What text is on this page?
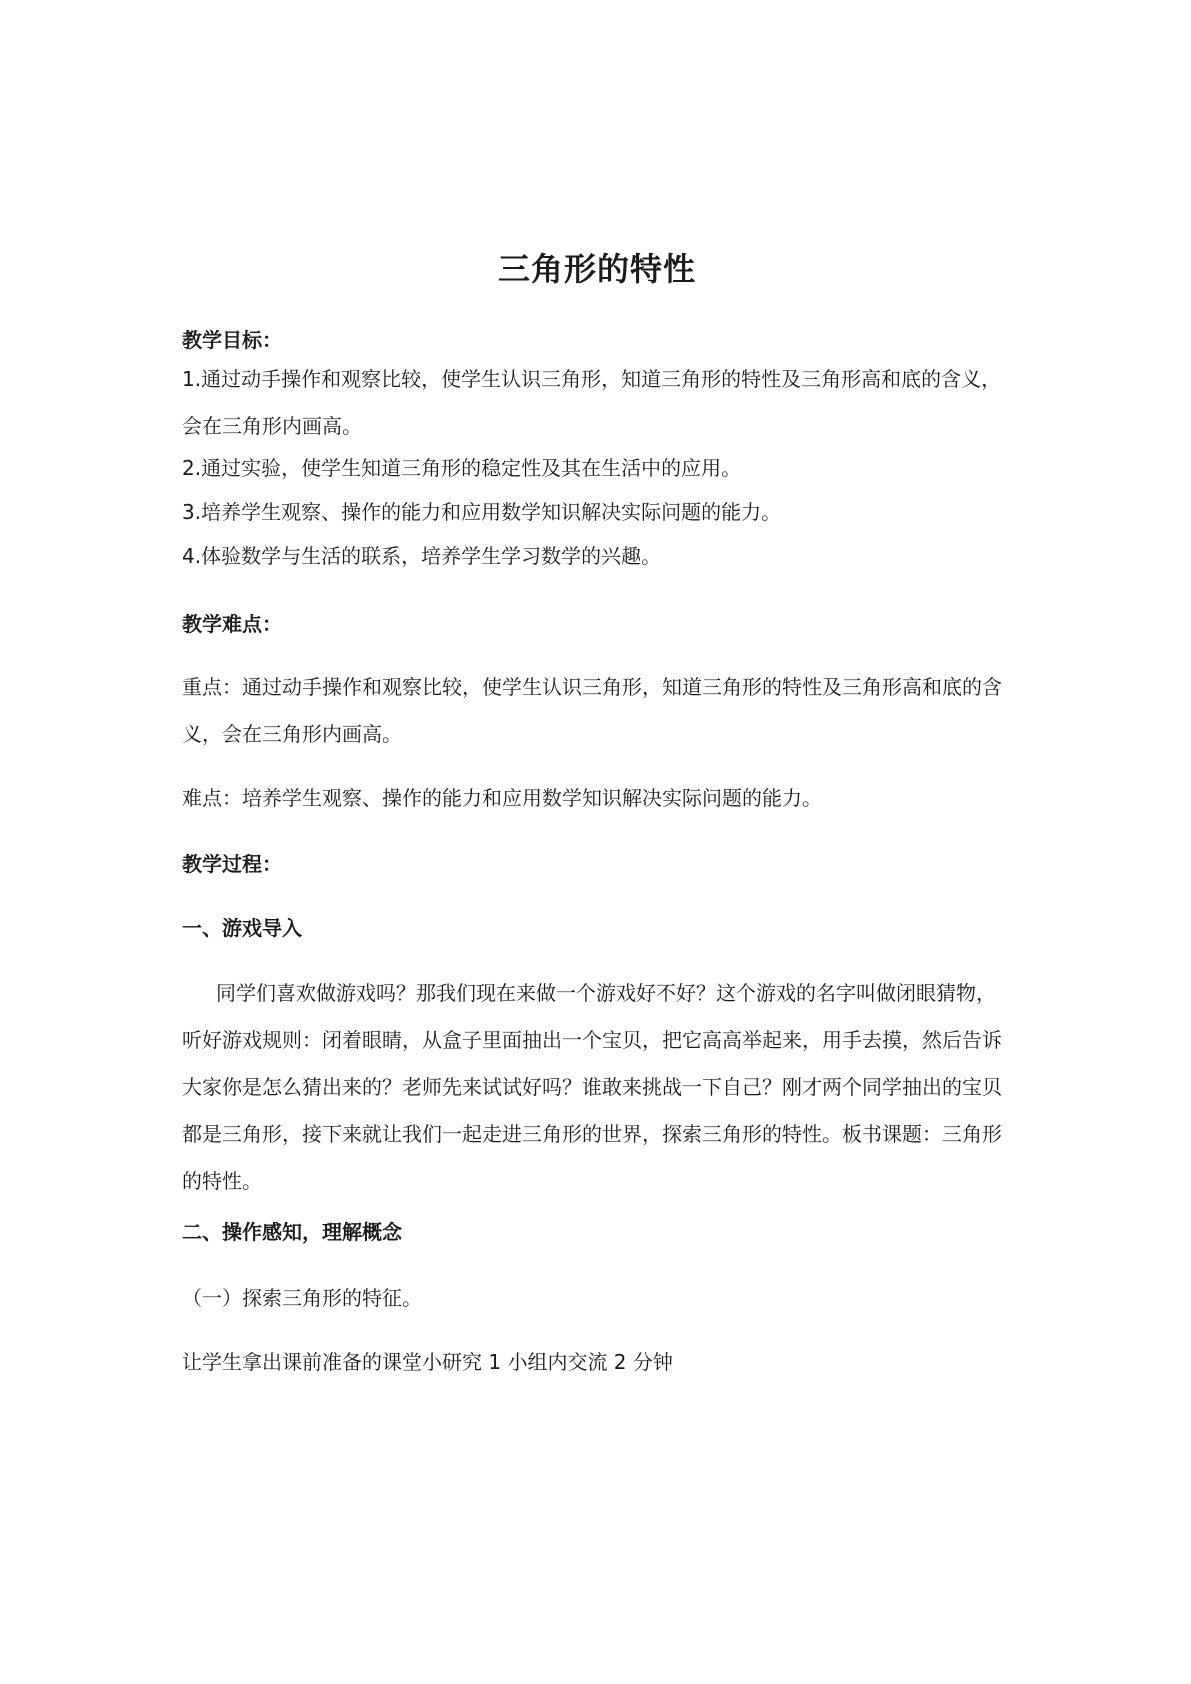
三角形的特性
教学目标：
1.通过动手操作和观察比较，使学生认识三角形，知道三角形的特性及三角形高和底的含义，会在三角形内画高。
2.通过实验，使学生知道三角形的稳定性及其在生活中的应用。
3.培养学生观察、操作的能力和应用数学知识解决实际问题的能力。
4.体验数学与生活的联系，培养学生学习数学的兴趣。
教学难点：
重点：通过动手操作和观察比较，使学生认识三角形，知道三角形的特性及三角形高和底的含义，会在三角形内画高。
难点：培养学生观察、操作的能力和应用数学知识解决实际问题的能力。
教学过程：
一、游戏导入
同学们喜欢做游戏吗？那我们现在来做一个游戏好不好？这个游戏的名字叫做闭眼猜物，听好游戏规则：闭着眼睛，从盒子里面抽出一个宝贝，把它高高举起来，用手去摸，然后告诉大家你是怎么猜出来的？老师先来试试好吗？谁敢来挑战一下自己？刚才两个同学抽出的宝贝都是三角形，接下来就让我们一起走进三角形的世界，探索三角形的特性。板书课题：三角形的特性。
二、操作感知，理解概念
（一）探索三角形的特征。
让学生拿出课前准备的课堂小研究 1 小组内交流 2 分钟
